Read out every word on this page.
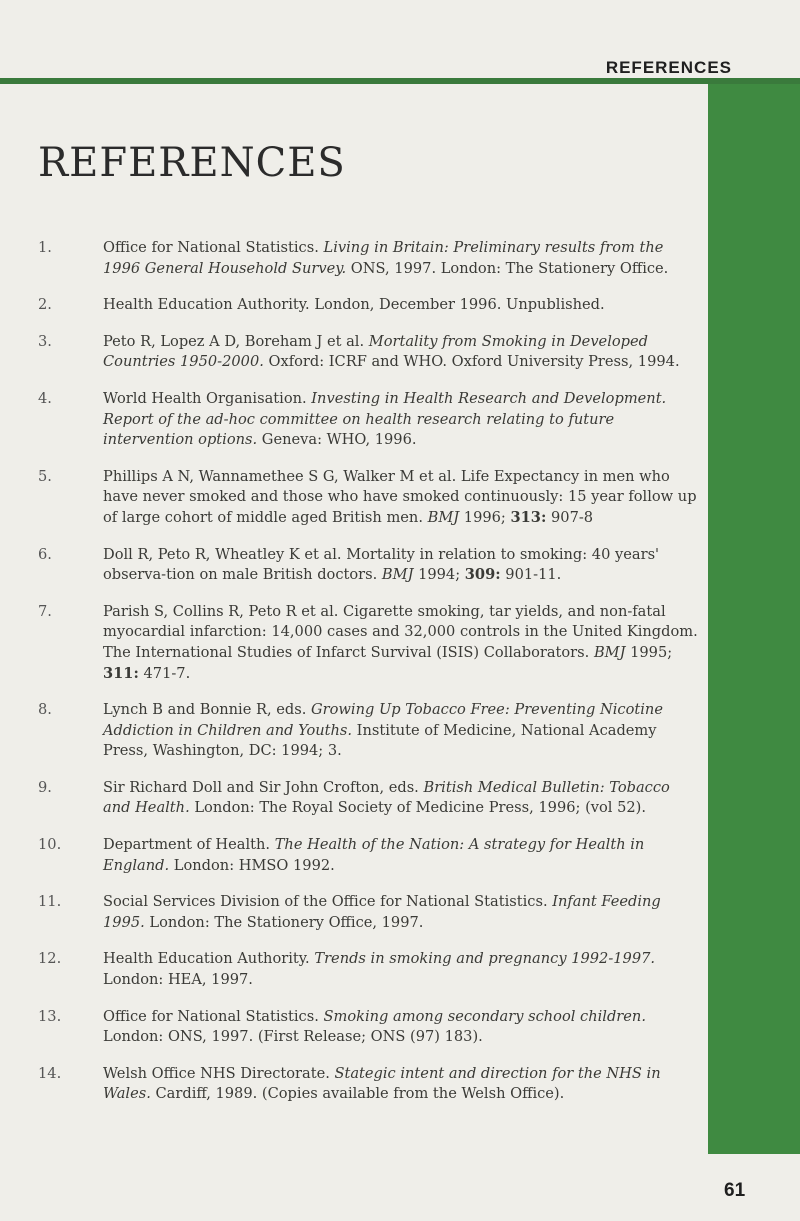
REFERENCES
REFERENCES
1.	Office for National Statistics. Living in Britain: Preliminary results from the 1996 General Household Survey. ONS, 1997. London: The Stationery Office.
2.	Health Education Authority. London, December 1996. Unpublished.
3.	Peto R, Lopez A D, Boreham J et al. Mortality from Smoking in Developed Countries 1950-2000. Oxford: ICRF and WHO. Oxford University Press, 1994.
4.	World Health Organisation. Investing in Health Research and Development. Report of the ad-hoc committee on health research relating to future intervention options. Geneva: WHO, 1996.
5.	Phillips A N, Wannamethee S G, Walker M et al. Life Expectancy in men who have never smoked and those who have smoked continuously: 15 year follow up of large cohort of middle aged British men. BMJ 1996; 313: 907-8
6.	Doll R, Peto R, Wheatley K et al. Mortality in relation to smoking: 40 years' observa-tion on male British doctors. BMJ 1994; 309: 901-11.
7.	Parish S, Collins R, Peto R et al. Cigarette smoking, tar yields, and non-fatal myocardial infarction: 14,000 cases and 32,000 controls in the United Kingdom. The International Studies of Infarct Survival (ISIS) Collaborators. BMJ 1995; 311: 471-7.
8.	Lynch B and Bonnie R, eds. Growing Up Tobacco Free: Preventing Nicotine Addiction in Children and Youths. Institute of Medicine, National Academy Press, Washington, DC: 1994; 3.
9.	Sir Richard Doll and Sir John Crofton, eds. British Medical Bulletin: Tobacco and Health. London: The Royal Society of Medicine Press, 1996; (vol 52).
10.	Department of Health. The Health of the Nation: A strategy for Health in England. London: HMSO 1992.
11.	Social Services Division of the Office for National Statistics. Infant Feeding 1995. London: The Stationery Office, 1997.
12.	Health Education Authority. Trends in smoking and pregnancy 1992-1997. London: HEA, 1997.
13.	Office for National Statistics. Smoking among secondary school children. London: ONS, 1997. (First Release; ONS (97) 183).
14.	Welsh Office NHS Directorate. Stategic intent and direction for the NHS in Wales. Cardiff, 1989. (Copies available from the Welsh Office).
61
